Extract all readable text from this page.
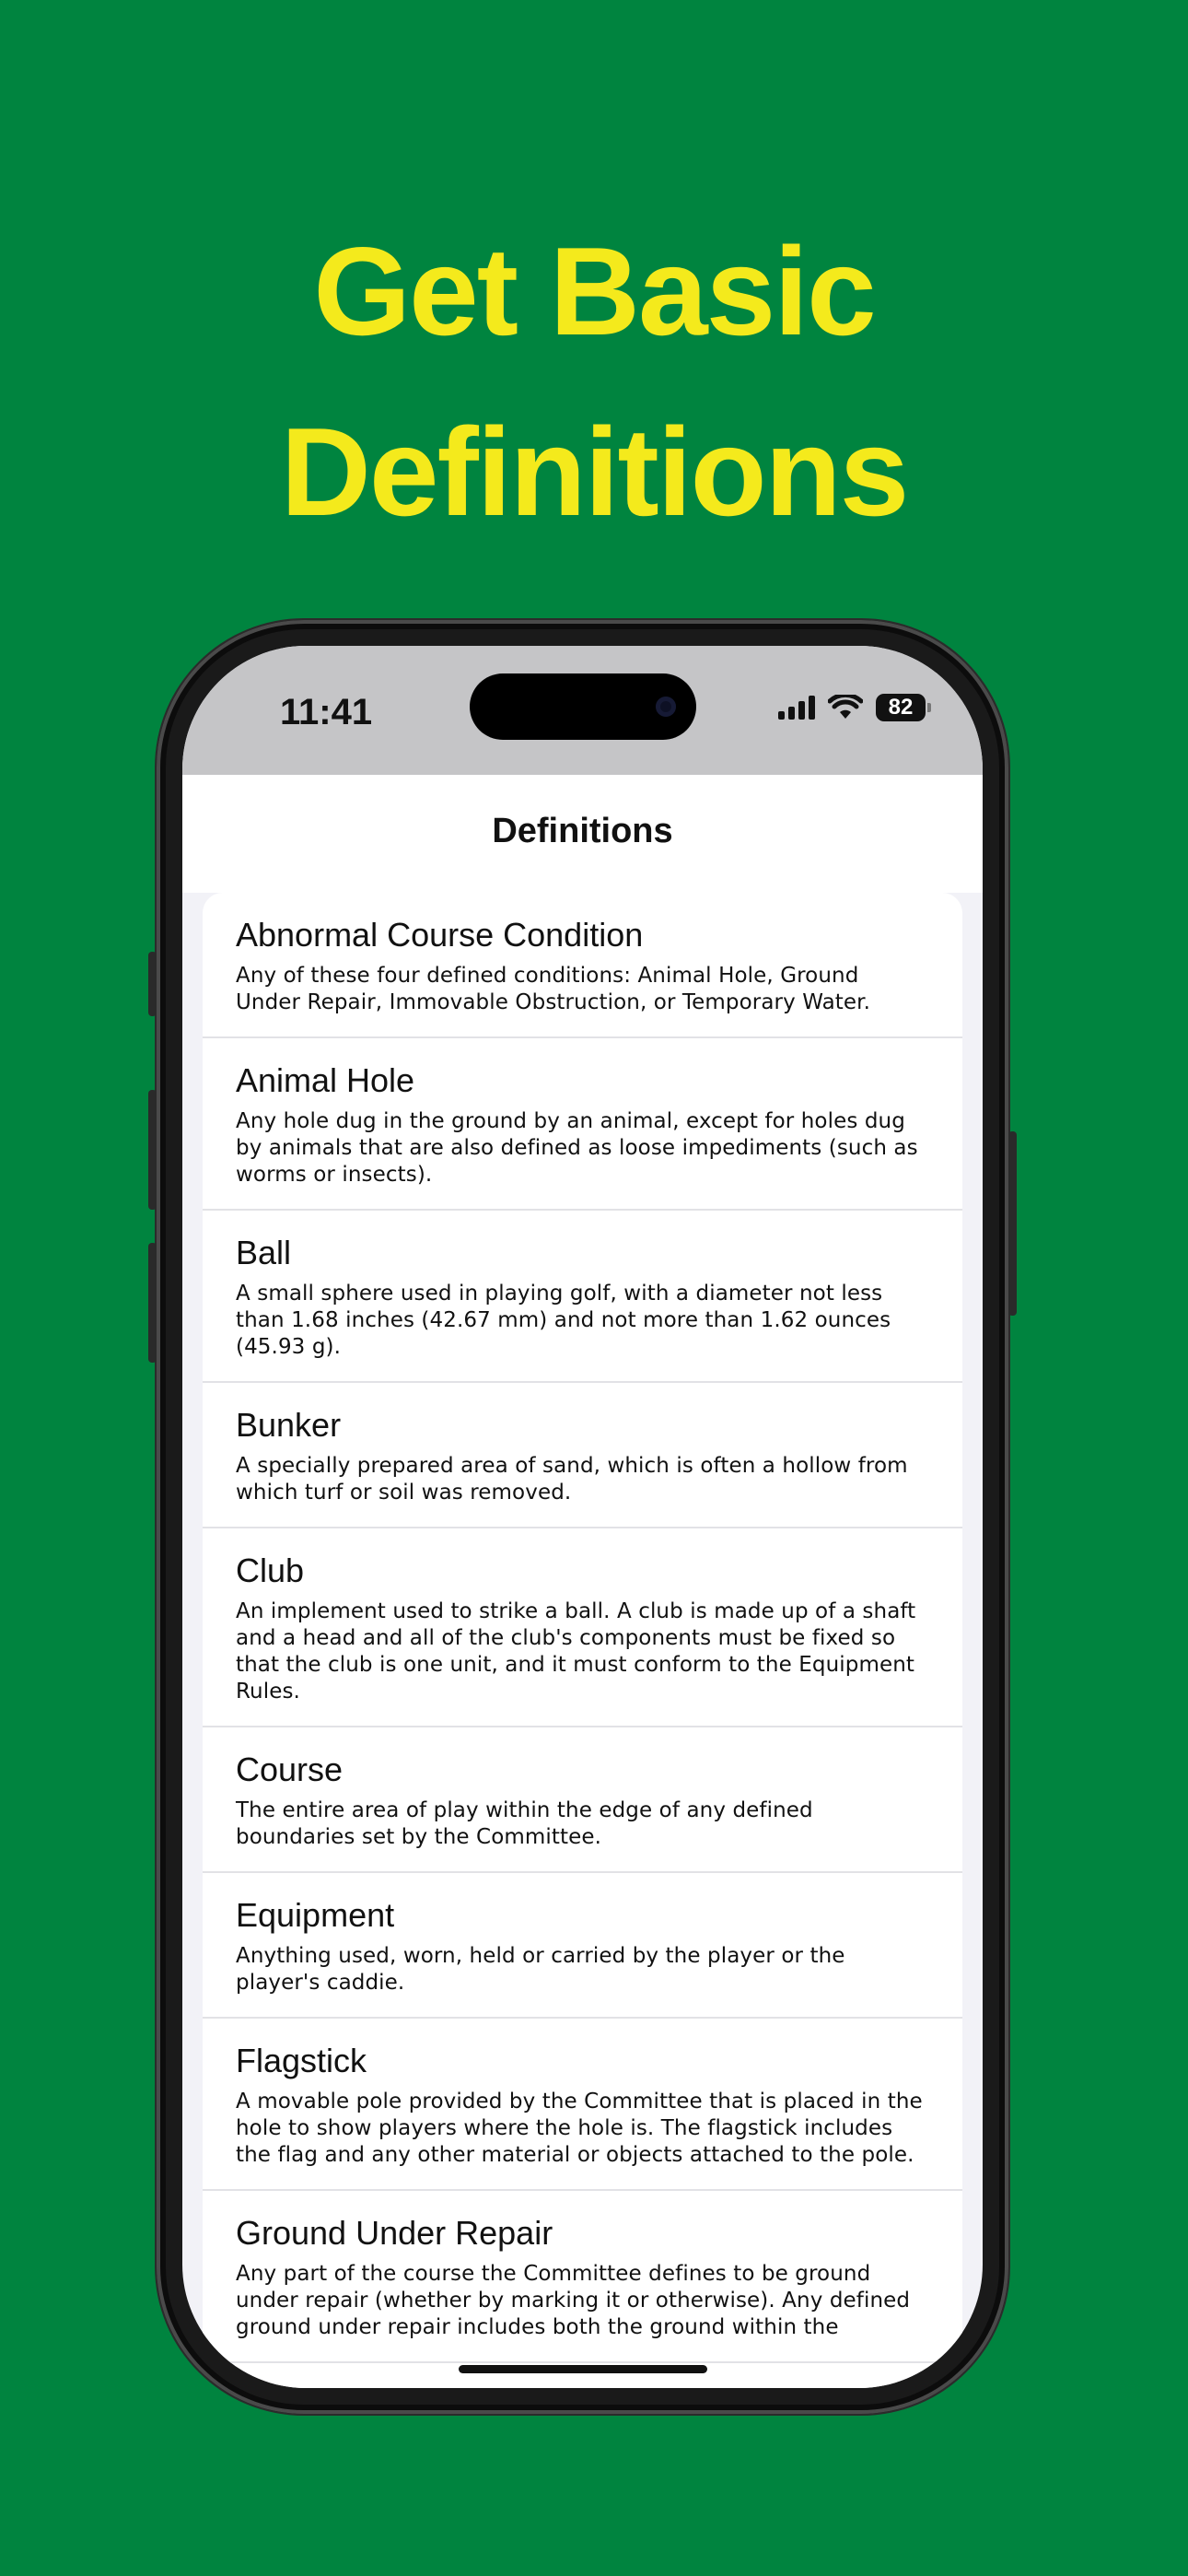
Get Basic
Definitions
11:41	82
Definitions
Abnormal Course Condition
Any of these four defined conditions: Animal Hole, Ground Under Repair, Immovable Obstruction, or Temporary Water.
Animal Hole
Any hole dug in the ground by an animal, except for holes dug by animals that are also defined as loose impediments (such as worms or insects).
Ball
A small sphere used in playing golf, with a diameter not less than 1.68 inches (42.67 mm) and not more than 1.62 ounces (45.93 g).
Bunker
A specially prepared area of sand, which is often a hollow from which turf or soil was removed.
Club
An implement used to strike a ball. A club is made up of a shaft and a head and all of the club's components must be fixed so that the club is one unit, and it must conform to the Equipment Rules.
Course
The entire area of play within the edge of any defined boundaries set by the Committee.
Equipment
Anything used, worn, held or carried by the player or the player's caddie.
Flagstick
A movable pole provided by the Committee that is placed in the hole to show players where the hole is. The flagstick includes the flag and any other material or objects attached to the pole.
Ground Under Repair
Any part of the course the Committee defines to be ground under repair (whether by marking it or otherwise). Any defined ground under repair includes both the ground within the
